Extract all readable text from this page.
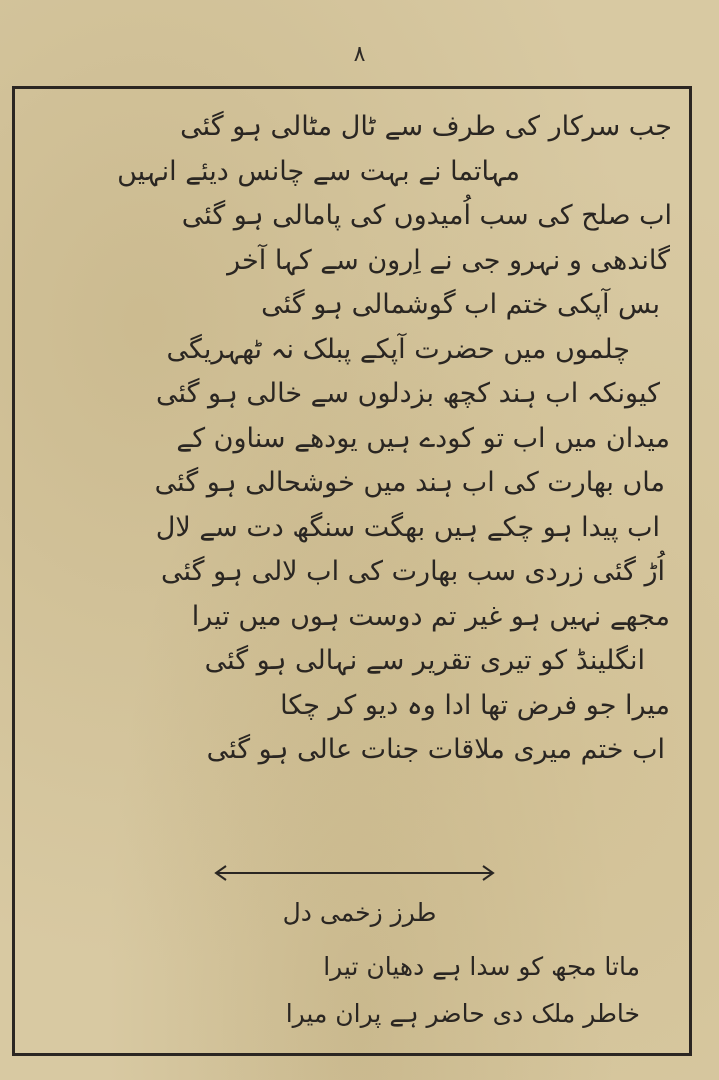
۸
جب سرکار کی طرف سے ٹال مٹالی ہو گئی
مہاتما نے بہت سے چانس دیئے انہیں
اب صلح کی سب اُمیدوں کی پامالی ہو گئی
گاندھی و نہرو جی نے اِرون سے کہا آخر
بس آپکی ختم اب گوشمالی ہو گئی
چلموں میں حضرت آپکے پبلک نہ ٹھہریگی
کیونکہ اب ہند کچھ بزدلوں سے خالی ہو گئی
میدان میں اب تو کودے ہیں یودھے سناون کے
ماں بھارت کی اب ہند میں خوشحالی ہو گئی
اب پیدا ہو چکے ہیں بھگت سنگھ دت سے لال
اُڑ گئی زردی سب بھارت کی اب لالی ہو گئی
مجھے نہیں ہو غیر تم دوست ہوں میں تیرا
انگلینڈ کو تیری تقریر سے نہالی ہو گئی
میرا جو فرض تھا ادا وہ دیو کر چکا
اب ختم میری ملاقات جنات عالی ہو گئی
طرز زخمی دل
ماتا مجھ کو سدا ہے دھیان تیرا
خاطر ملک دی حاضر ہے پران میرا
